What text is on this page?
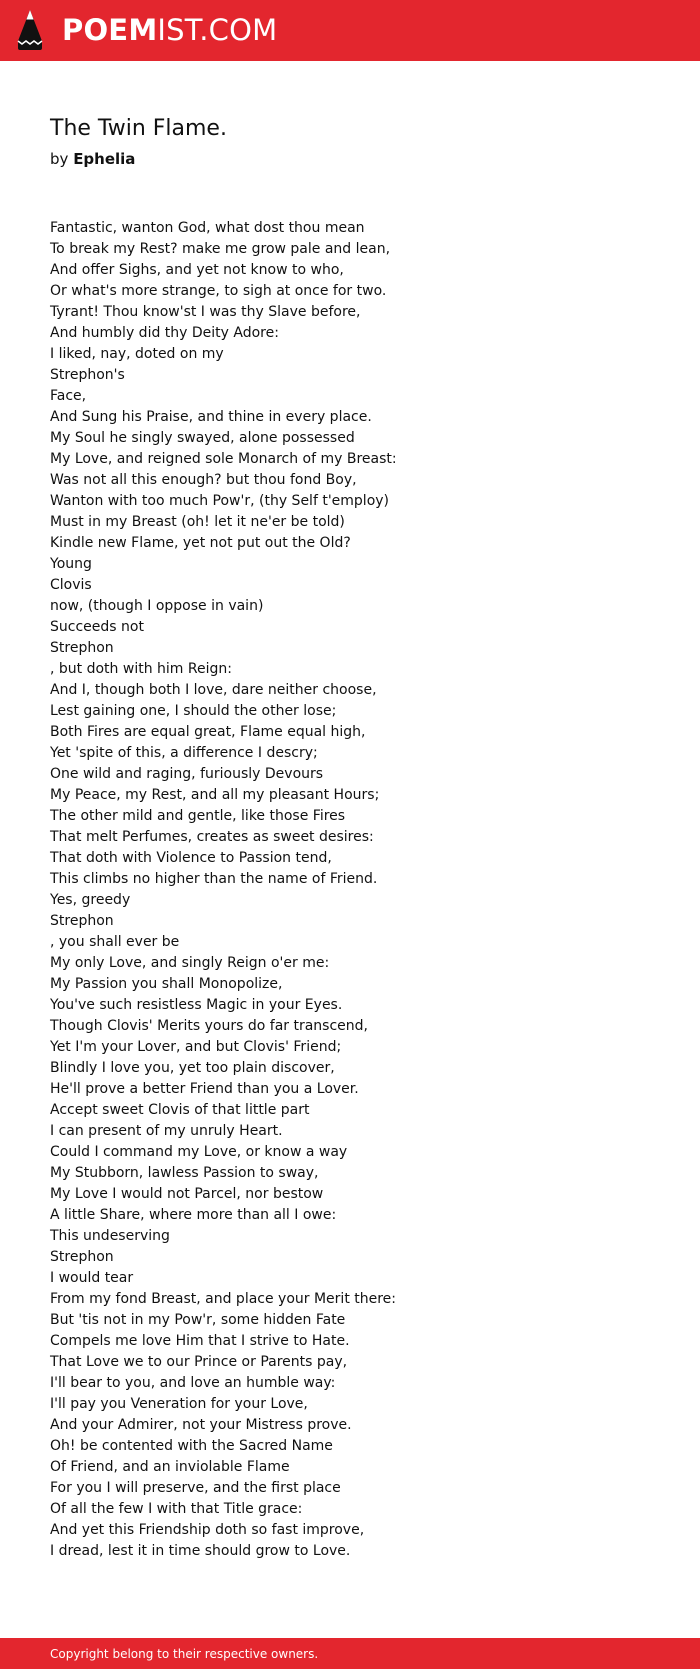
POEMIST.COM
The Twin Flame.
by Ephelia
Fantastic, wanton God, what dost thou mean
To break my Rest? make me grow pale and lean,
And offer Sighs, and yet not know to who,
Or what's more strange, to sigh at once for two.
Tyrant! Thou know'st I was thy Slave before,
And humbly did thy Deity Adore:
I liked, nay, doted on my
Strephon's
Face,
And Sung his Praise, and thine in every place.
My Soul he singly swayed, alone possessed
My Love, and reigned sole Monarch of my Breast:
Was not all this enough? but thou fond Boy,
Wanton with too much Pow'r, (thy Self t'employ)
Must in my Breast (oh! let it ne'er be told)
Kindle new Flame, yet not put out the Old?
Young
Clovis
now, (though I oppose in vain)
Succeeds not
Strephon
, but doth with him Reign:
And I, though both I love, dare neither choose,
Lest gaining one, I should the other lose;
Both Fires are equal great, Flame equal high,
Yet 'spite of this, a difference I descry;
One wild and raging, furiously Devours
My Peace, my Rest, and all my pleasant Hours;
The other mild and gentle, like those Fires
That melt Perfumes, creates as sweet desires:
That doth with Violence to Passion tend,
This climbs no higher than the name of Friend.
Yes, greedy
Strephon
, you shall ever be
My only Love, and singly Reign o'er me:
My Passion you shall Monopolize,
You've such resistless Magic in your Eyes.
Though Clovis' Merits yours do far transcend,
Yet I'm your Lover, and but Clovis' Friend;
Blindly I love you, yet too plain discover,
He'll prove a better Friend than you a Lover.
Accept sweet Clovis of that little part
I can present of my unruly Heart.
Could I command my Love, or know a way
My Stubborn, lawless Passion to sway,
My Love I would not Parcel, nor bestow
A little Share, where more than all I owe:
This undeserving
Strephon
I would tear
From my fond Breast, and place your Merit there:
But 'tis not in my Pow'r, some hidden Fate
Compels me love Him that I strive to Hate.
That Love we to our Prince or Parents pay,
I'll bear to you, and love an humble way:
I'll pay you Veneration for your Love,
And your Admirer, not your Mistress prove.
Oh! be contented with the Sacred Name
Of Friend, and an inviolable Flame
For you I will preserve, and the first place
Of all the few I with that Title grace:
And yet this Friendship doth so fast improve,
I dread, lest it in time should grow to Love.
Copyright belong to their respective owners.
